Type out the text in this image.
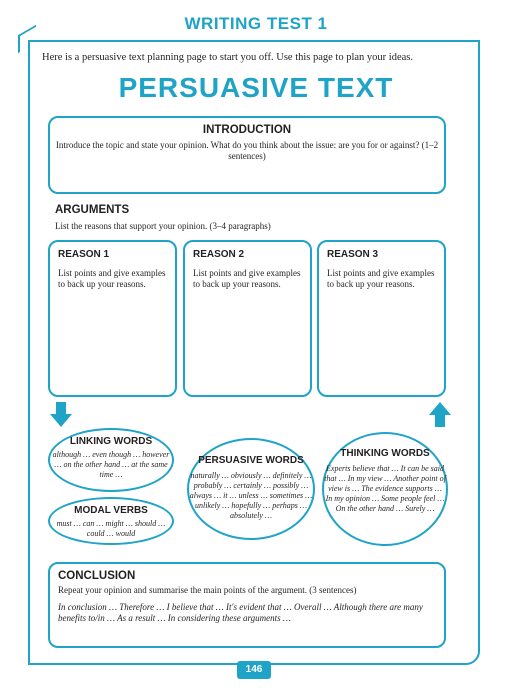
WRITING TEST 1
Here is a persuasive text planning page to start you off. Use this page to plan your ideas.
PERSUASIVE TEXT
INTRODUCTION
Introduce the topic and state your opinion. What do you think about the issue: are you for or against? (1–2 sentences)
ARGUMENTS
List the reasons that support your opinion. (3–4 paragraphs)
REASON 1
List points and give examples to back up your reasons.
REASON 2
List points and give examples to back up your reasons.
REASON 3
List points and give examples to back up your reasons.
LINKING WORDS
although … even though … however … on the other hand … at the same time …
MODAL VERBS
must … can … might … should … could … would
PERSUASIVE WORDS
naturally … obviously … definitely … probably … certainly … possibly … always … it … unless … sometimes … unlikely … hopefully … perhaps … absolutely …
THINKING WORDS
Experts believe that … It can be said that … In my view … Another point of view is … The evidence supports … In my opinion … Some people feel … On the other hand … Surely …
CONCLUSION
Repeat your opinion and summarise the main points of the argument. (3 sentences)
In conclusion … Therefore … I believe that … It's evident that … Overall … Although there are many benefits to/in … As a result … In considering these arguments …
146
